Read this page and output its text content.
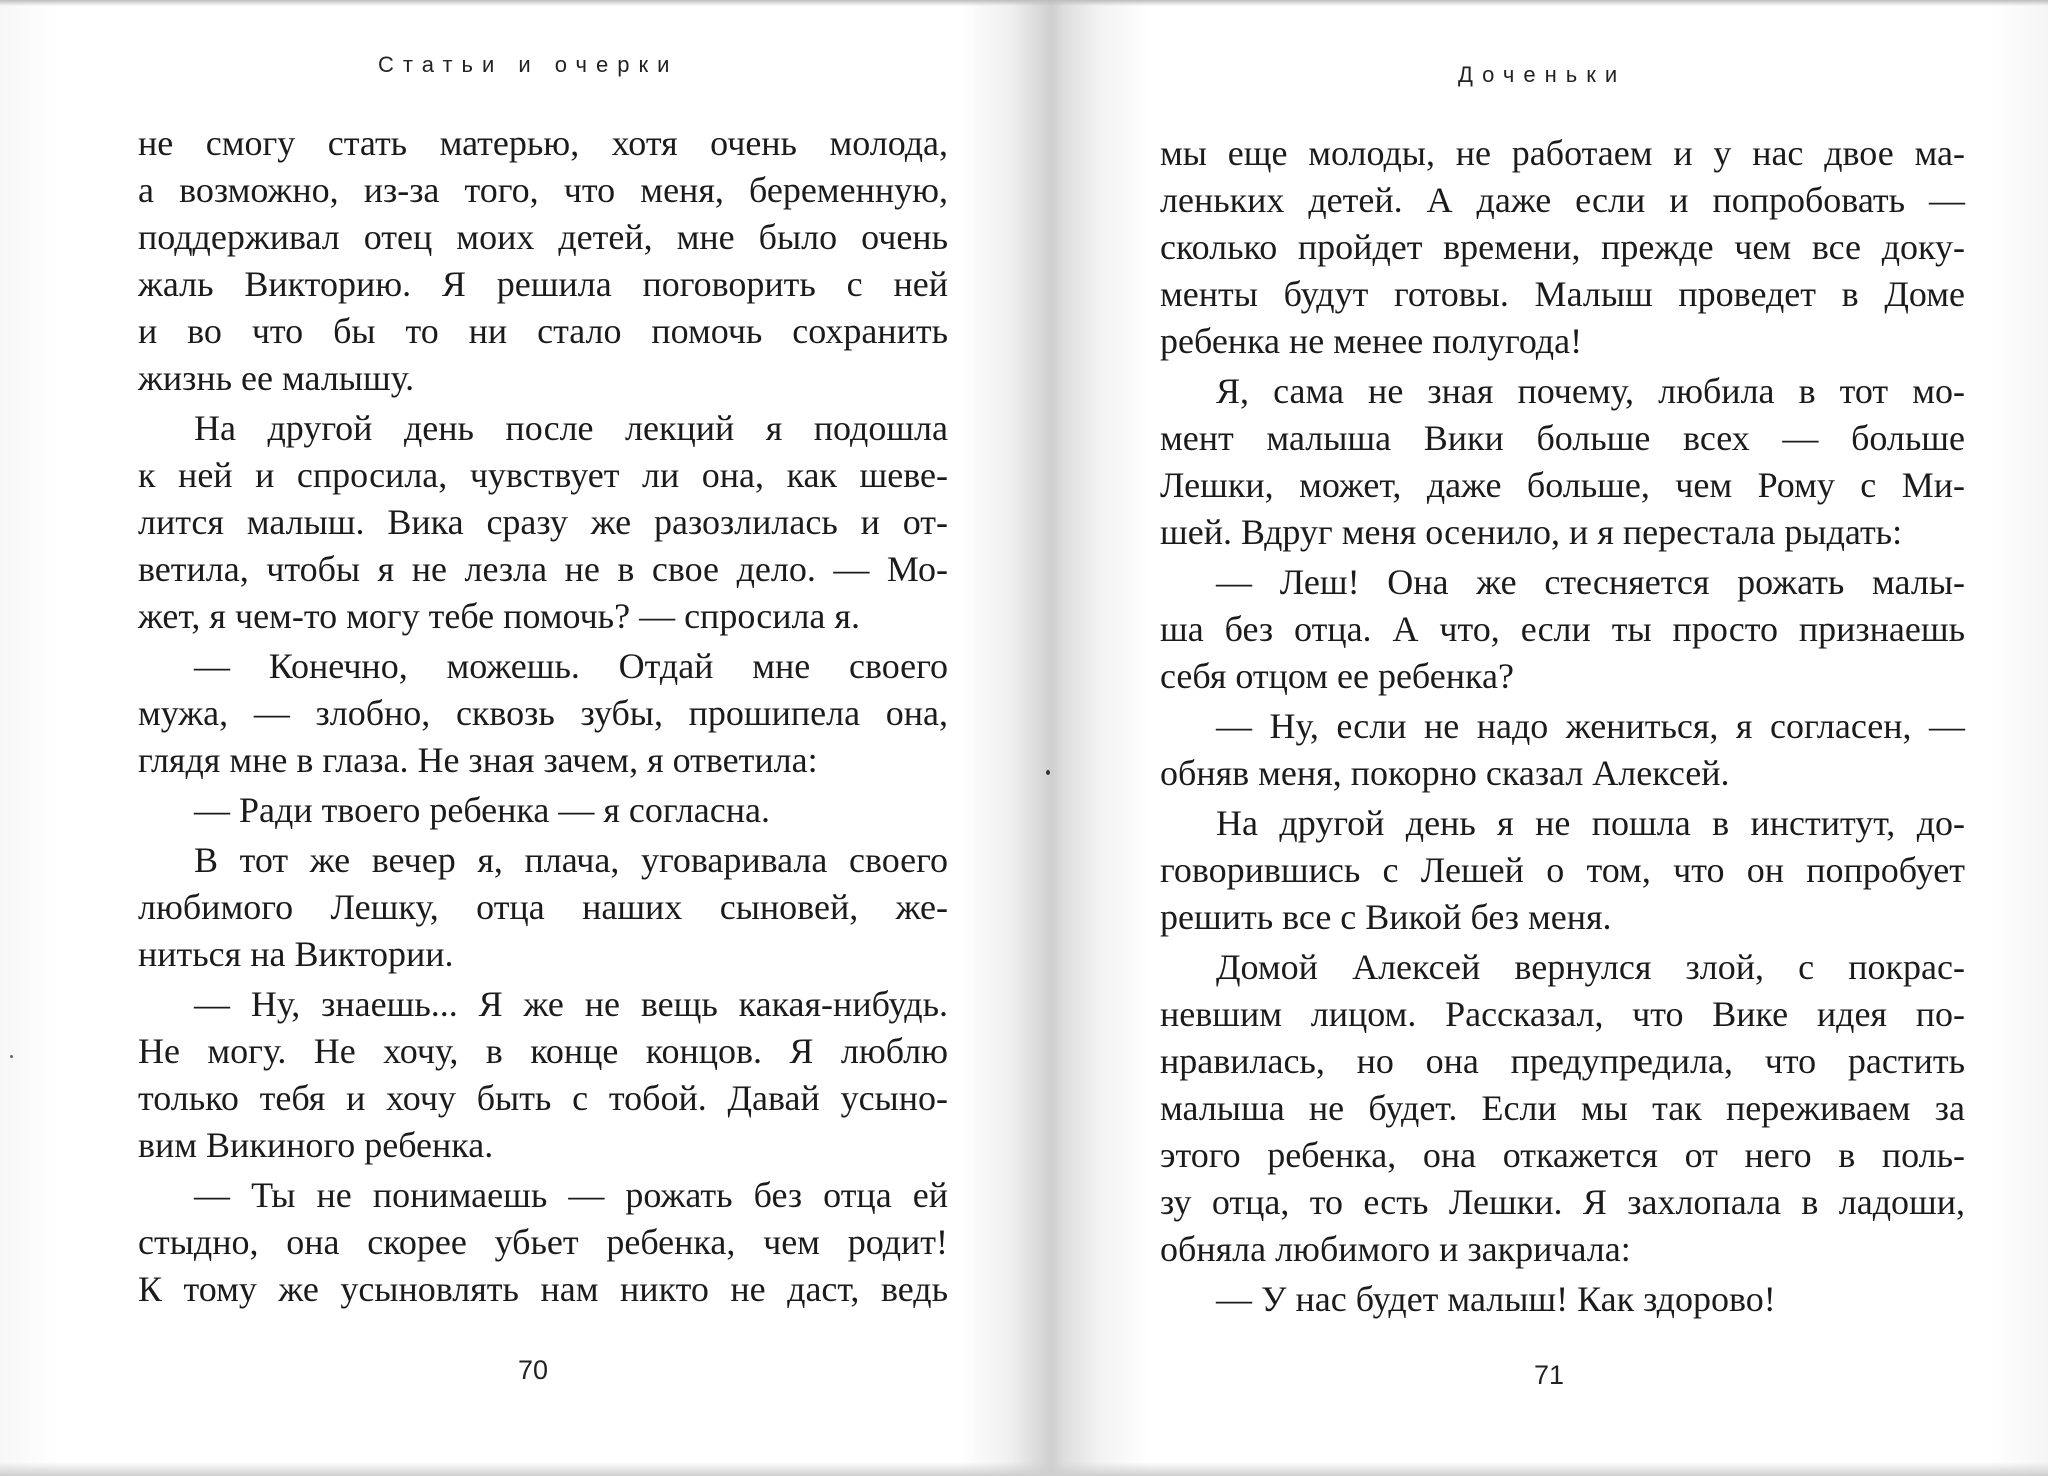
Статьи и очерки
не смогу стать матерью, хотя очень молода,
а возможно, из-за того, что меня, беременную,
поддерживал отец моих детей, мне было очень
жаль Викторию. Я решила поговорить с ней
и во что бы то ни стало помочь сохранить
жизнь ее малышу.
На другой день после лекций я подошла
к ней и спросила, чувствует ли она, как шеве-
лится малыш. Вика сразу же разозлилась и от-
ветила, чтобы я не лезла не в свое дело. — Мо-
жет, я чем-то могу тебе помочь? — спросила я.
— Конечно, можешь. Отдай мне своего
мужа, — злобно, сквозь зубы, прошипела она,
глядя мне в глаза. Не зная зачем, я ответила:
— Ради твоего ребенка — я согласна.
В тот же вечер я, плача, уговаривала своего
любимого Лешку, отца наших сыновей, же-
ниться на Виктории.
— Ну, знаешь... Я же не вещь какая-нибудь.
Не могу. Не хочу, в конце концов. Я люблю
только тебя и хочу быть с тобой. Давай усыно-
вим Викиного ребенка.
— Ты не понимаешь — рожать без отца ей
стыдно, она скорее убьет ребенка, чем родит!
К тому же усыновлять нам никто не даст, ведь
70
Доченьки
мы еще молоды, не работаем и у нас двое ма-
леньких детей. А даже если и попробовать —
сколько пройдет времени, прежде чем все доку-
менты будут готовы. Малыш проведет в Доме
ребенка не менее полугода!
Я, сама не зная почему, любила в тот мо-
мент малыша Вики больше всех — больше
Лешки, может, даже больше, чем Рому с Ми-
шей. Вдруг меня осенило, и я перестала рыдать:
— Леш! Она же стесняется рожать малы-
ша без отца. А что, если ты просто признаешь
себя отцом ее ребенка?
— Ну, если не надо жениться, я согласен, —
обняв меня, покорно сказал Алексей.
На другой день я не пошла в институт, до-
говорившись с Лешей о том, что он попробует
решить все с Викой без меня.
Домой Алексей вернулся злой, с покрас-
невшим лицом. Рассказал, что Вике идея по-
нравилась, но она предупредила, что растить
малыша не будет. Если мы так переживаем за
этого ребенка, она откажется от него в поль-
зу отца, то есть Лешки. Я захлопала в ладоши,
обняла любимого и закричала:
— У нас будет малыш! Как здорово!
71
